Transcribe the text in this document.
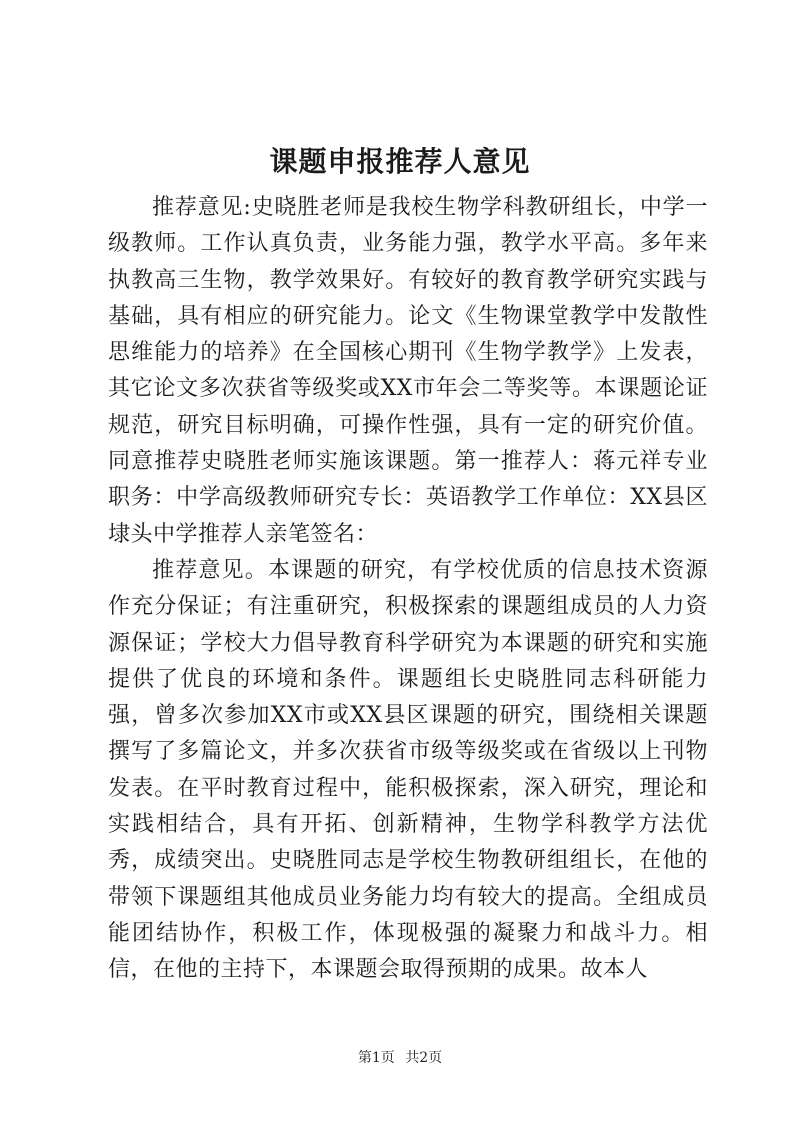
课题申报推荐人意见

推荐意见:史晓胜老师是我校生物学科教研组长，中学一级教师。工作认真负责，业务能力强，教学水平高。多年来执教高三生物，教学效果好。有较好的教育教学研究实践与基础，具有相应的研究能力。论文《生物课堂教学中发散性思维能力的培养》在全国核心期刊《生物学教学》上发表，其它论文多次获省等级奖或XX市年会二等奖等。本课题论证规范，研究目标明确，可操作性强，具有一定的研究价值。同意推荐史晓胜老师实施该课题。第一推荐人：蒋元祥专业职务：中学高级教师研究专长：英语教学工作单位：XX县区埭头中学推荐人亲笔签名：

推荐意见。本课题的研究，有学校优质的信息技术资源作充分保证；有注重研究，积极探索的课题组成员的人力资源保证；学校大力倡导教育科学研究为本课题的研究和实施提供了优良的环境和条件。课题组长史晓胜同志科研能力强，曾多次参加XX市或XX县区课题的研究，围绕相关课题撰写了多篇论文，并多次获省市级等级奖或在省级以上刊物发表。在平时教育过程中，能积极探索，深入研究，理论和实践相结合，具有开拓、创新精神，生物学科教学方法优秀，成绩突出。史晓胜同志是学校生物教研组组长，在他的带领下课题组其他成员业务能力均有较大的提高。全组成员能团结协作，积极工作，体现极强的凝聚力和战斗力。相信，在他的主持下，本课题会取得预期的成果。故本人

第1页 共2页
